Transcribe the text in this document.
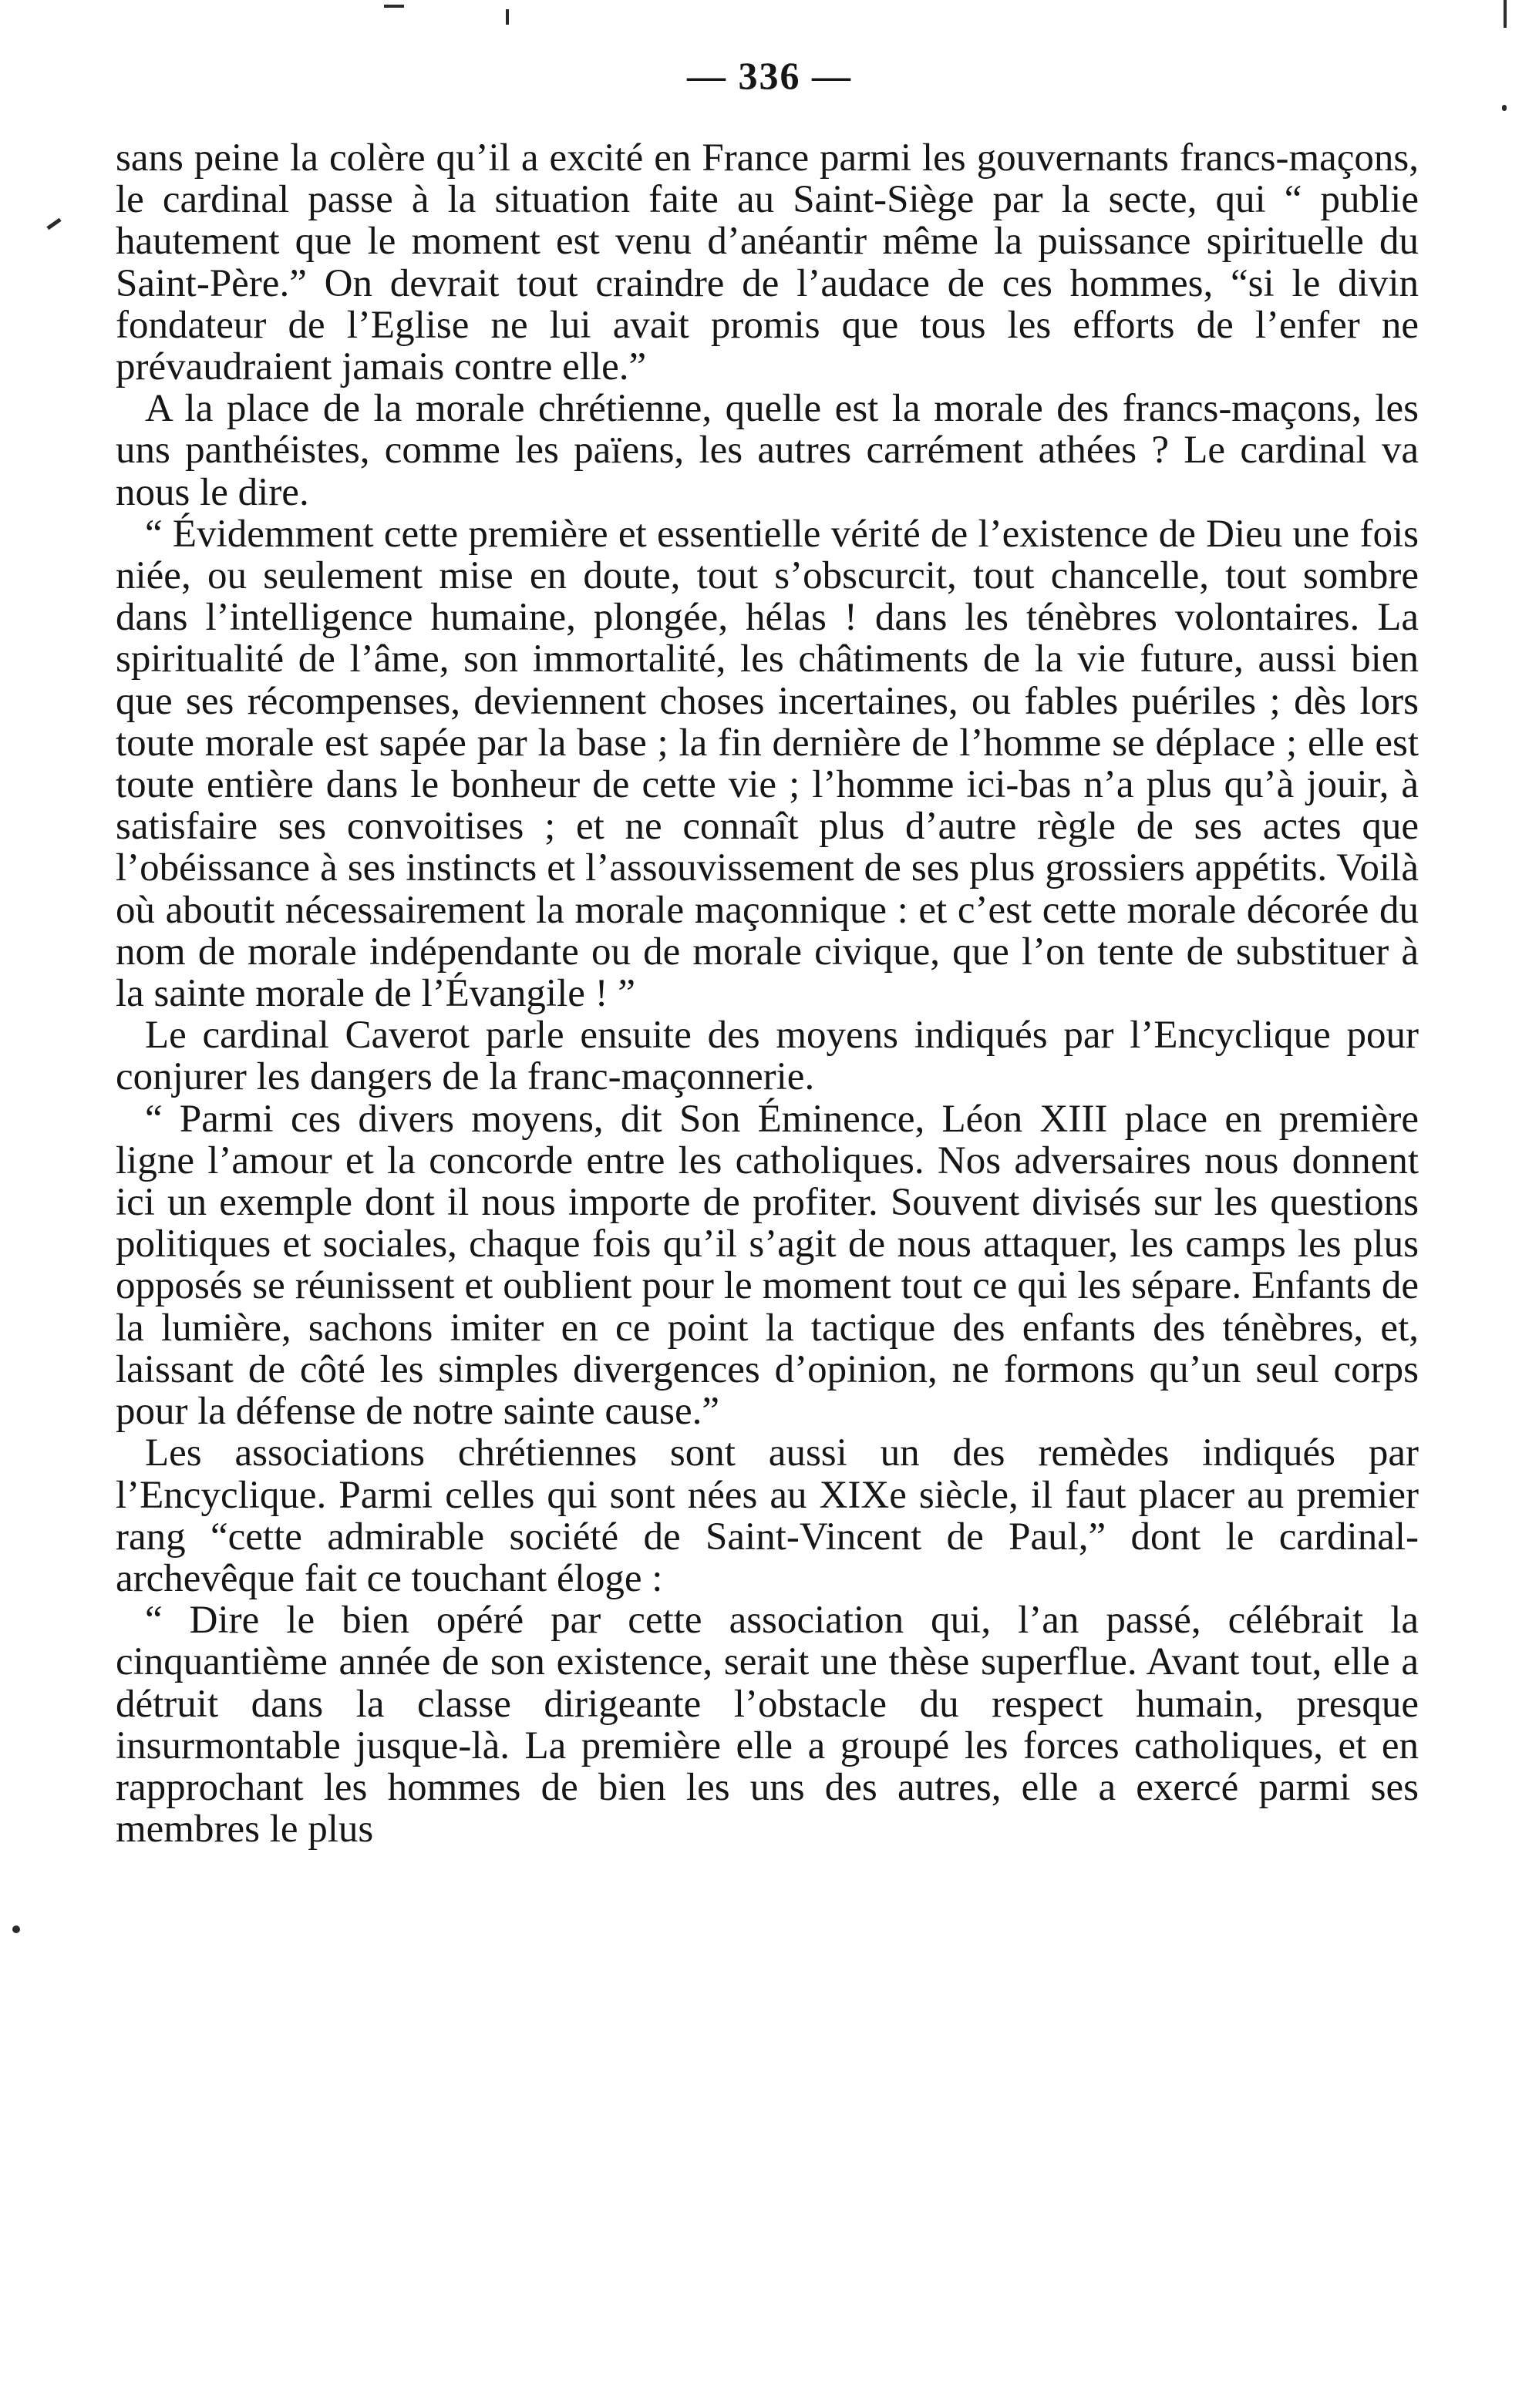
— 336 —

sans peine la colère qu’il a excité en France parmi les gouvernants francs-maçons, le cardinal passe à la situation faite au Saint-Siège par la secte, qui “ publie hautement que le moment est venu d’anéantir même la puissance spirituelle du Saint-Père.” On devrait tout craindre de l’audace de ces hommes, “si le divin fondateur de l’Eglise ne lui avait promis que tous les efforts de l’enfer ne prévaudraient jamais contre elle.”

A la place de la morale chrétienne, quelle est la morale des francs-maçons, les uns panthéistes, comme les païens, les autres carrément athées ? Le cardinal va nous le dire.

“ Évidemment cette première et essentielle vérité de l’existence de Dieu une fois niée, ou seulement mise en doute, tout s’obscurcit, tout chancelle, tout sombre dans l’intelligence humaine, plongée, hélas ! dans les ténèbres volontaires. La spiritualité de l’âme, son immortalité, les châtiments de la vie future, aussi bien que ses récompenses, deviennent choses incertaines, ou fables puériles ; dès lors toute morale est sapée par la base ; la fin dernière de l’homme se déplace ; elle est toute entière dans le bonheur de cette vie ; l’homme ici-bas n’a plus qu’à jouir, à satisfaire ses convoitises ; et ne connaît plus d’autre règle de ses actes que l’obéissance à ses instincts et l’assouvissement de ses plus grossiers appétits. Voilà où aboutit nécessairement la morale maçonnique : et c’est cette morale décorée du nom de morale indépendante ou de morale civique, que l’on tente de substituer à la sainte morale de l’Évangile ! ”

Le cardinal Caverot parle ensuite des moyens indiqués par l’Encyclique pour conjurer les dangers de la franc-maçonnerie.

“ Parmi ces divers moyens, dit Son Éminence, Léon XIII place en première ligne l’amour et la concorde entre les catholiques. Nos adversaires nous donnent ici un exemple dont il nous importe de profiter. Souvent divisés sur les questions politiques et sociales, chaque fois qu’il s’agit de nous attaquer, les camps les plus opposés se réunissent et oublient pour le moment tout ce qui les sépare. Enfants de la lumière, sachons imiter en ce point la tactique des enfants des ténèbres, et, laissant de côté les simples divergences d’opinion, ne formons qu’un seul corps pour la défense de notre sainte cause.”

Les associations chrétiennes sont aussi un des remèdes indiqués par l’Encyclique. Parmi celles qui sont nées au XIXe siècle, il faut placer au premier rang “cette admirable société de Saint-Vincent de Paul,” dont le cardinal-archevêque fait ce touchant éloge :

“ Dire le bien opéré par cette association qui, l’an passé, célébrait la cinquantième année de son existence, serait une thèse superflue. Avant tout, elle a détruit dans la classe dirigeante l’obstacle du respect humain, presque insurmontable jusque-là. La première elle a groupé les forces catholiques, et en rapprochant les hommes de bien les uns des autres, elle a exercé parmi ses membres le plus
